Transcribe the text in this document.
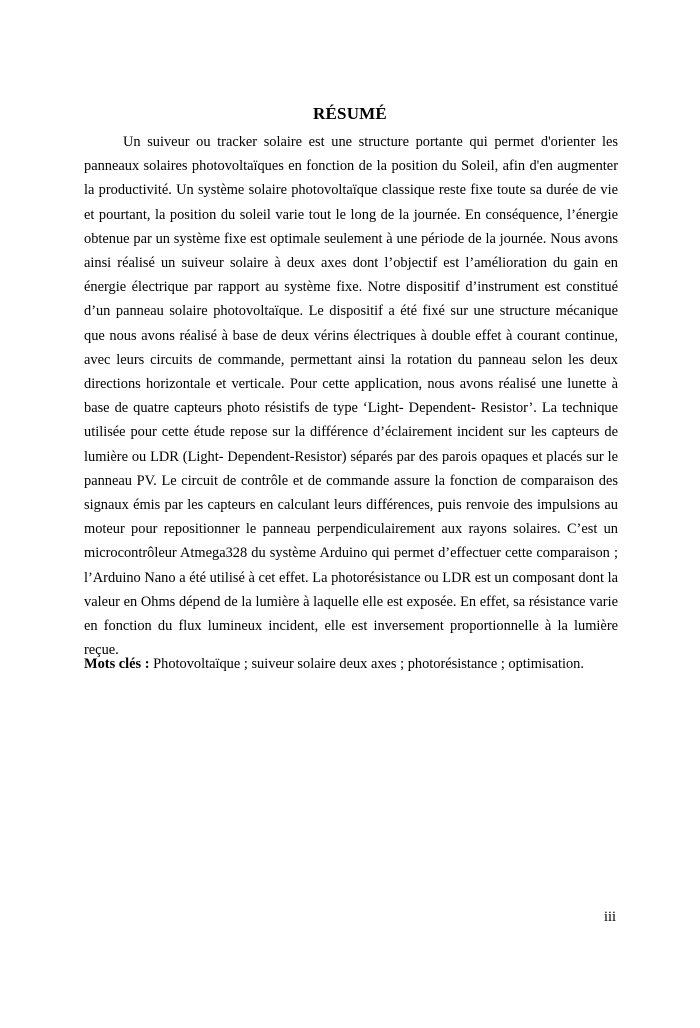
RÉSUMÉ

Un suiveur ou tracker solaire est une structure portante qui permet d'orienter les panneaux solaires photovoltaïques en fonction de la position du Soleil, afin d'en augmenter la productivité. Un système solaire photovoltaïque classique reste fixe toute sa durée de vie et pourtant, la position du soleil varie tout le long de la journée. En conséquence, l’énergie obtenue par un système fixe est optimale seulement à une période de la journée. Nous avons ainsi réalisé un suiveur solaire à deux axes dont l’objectif est l’amélioration du gain en énergie électrique par rapport au système fixe. Notre dispositif d’instrument est constitué d’un panneau solaire photovoltaïque. Le dispositif a été fixé sur une structure mécanique que nous avons réalisé à base de deux vérins électriques à double effet à courant continue, avec leurs circuits de commande, permettant ainsi la rotation du panneau selon les deux directions horizontale et verticale. Pour cette application, nous avons réalisé une lunette à base de quatre capteurs photo résistifs de type ‘Light- Dependent- Resistor’. La technique utilisée pour cette étude repose sur la différence d’éclairement incident sur les capteurs de lumière ou LDR (Light- Dependent-Resistor) séparés par des parois opaques et placés sur le panneau PV. Le circuit de contrôle et de commande assure la fonction de comparaison des signaux émis par les capteurs en calculant leurs différences, puis renvoie des impulsions au moteur pour repositionner le panneau perpendiculairement aux rayons solaires. C’est un microcontrôleur Atmega328 du système Arduino qui permet d’effectuer cette comparaison ; l’Arduino Nano a été utilisé à cet effet. La photorésistance ou LDR est un composant dont la valeur en Ohms dépend de la lumière à laquelle elle est exposée. En effet, sa résistance varie en fonction du flux lumineux incident, elle est inversement proportionnelle à la lumière reçue.

Mots clés : Photovoltaïque ; suiveur solaire deux axes ; photorésistance ; optimisation.

iii
